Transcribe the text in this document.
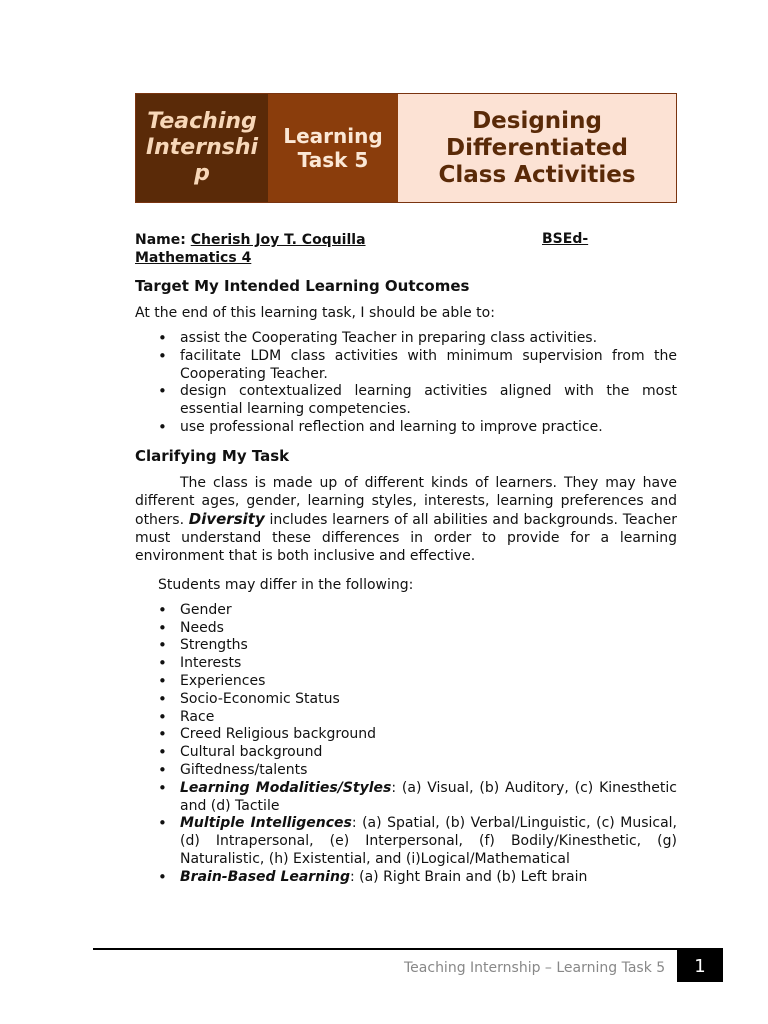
Teaching Internship
Learning Task 5
Designing Differentiated Class Activities

Name: Cherish Joy T. Coquilla	BSEd-

Mathematics 4

Target My Intended Learning Outcomes

At the end of this learning task, I should be able to:

• assist the Cooperating Teacher in preparing class activities.
• facilitate LDM class activities with minimum supervision from the Cooperating Teacher.
• design contextualized learning activities aligned with the most essential learning competencies.
• use professional reflection and learning to improve practice.
Clarifying My Task

The class is made up of different kinds of learners. They may have different ages, gender, learning styles, interests, learning preferences and others. Diversity includes learners of all abilities and backgrounds. Teacher must understand these differences in order to provide for a learning environment that is both inclusive and effective.

Students may differ in the following:

• Gender
• Needs
• Strengths
• Interests
• Experiences
• Socio-Economic Status
• Race
• Creed Religious background
• Cultural background
• Giftedness/talents
• Learning Modalities/Styles: (a) Visual, (b) Auditory, (c) Kinesthetic and (d) Tactile
• Multiple Intelligences: (a) Spatial, (b) Verbal/Linguistic, (c) Musical, (d) Intrapersonal, (e) Interpersonal, (f) Bodily/Kinesthetic, (g) Naturalistic, (h) Existential, and (i)Logical/Mathematical
• Brain-Based Learning: (a) Right Brain and (b) Left brain
Teaching Internship – Learning Task 5	1
